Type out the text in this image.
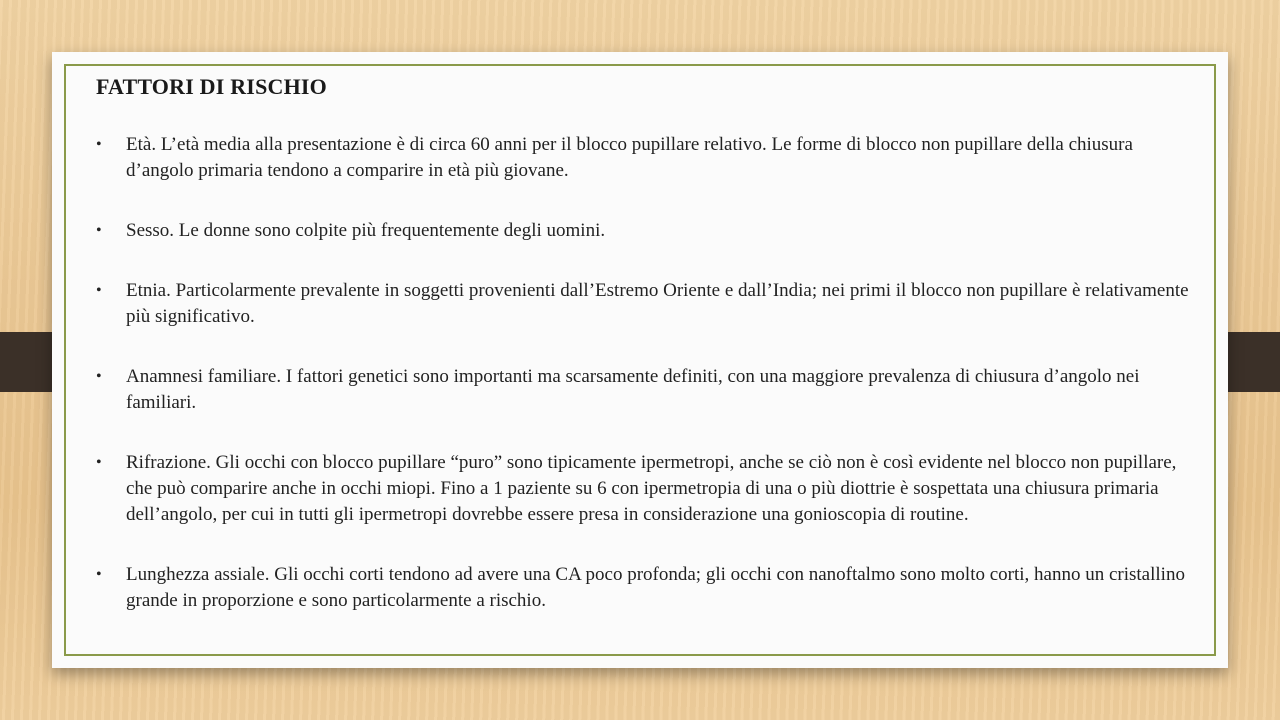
FATTORI DI RISCHIO
• Età. L’età media alla presentazione è di circa 60 anni per il blocco pupillare relativo. Le forme di blocco non pupillare della chiusura d’angolo primaria tendono a comparire in età più giovane.
• Sesso. Le donne sono colpite più frequentemente degli uomini.
• Etnia. Particolarmente prevalente in soggetti provenienti dall’Estremo Oriente e dall’India; nei primi il blocco non pupillare è relativamente più significativo.
• Anamnesi familiare. I fattori genetici sono importanti ma scarsamente definiti, con una maggiore prevalenza di chiusura d’angolo nei familiari.
• Rifrazione. Gli occhi con blocco pupillare “puro” sono tipicamente ipermetropi, anche se ciò non è così evidente nel blocco non pupillare, che può comparire anche in occhi miopi. Fino a 1 paziente su 6 con ipermetropia di una o più diottrie è sospettata una chiusura primaria dell’angolo, per cui in tutti gli ipermetropi dovrebbe essere presa in considerazione una gonioscopia di routine.
• Lunghezza assiale. Gli occhi corti tendono ad avere una CA poco profonda; gli occhi con nanoftalmo sono molto corti, hanno un cristallino grande in proporzione e sono particolarmente a rischio.
